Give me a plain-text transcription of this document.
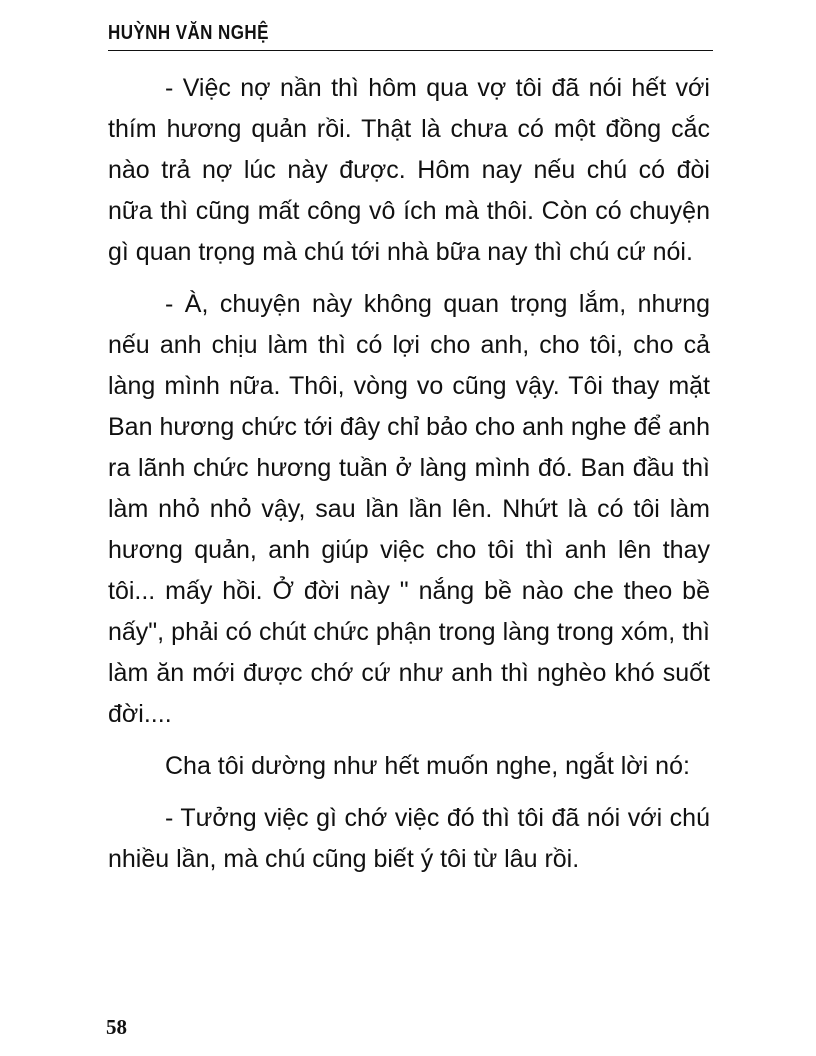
HUỲNH VĂN NGHỆ

- Việc nợ nần thì hôm qua vợ tôi đã nói hết với thím hương quản rồi. Thật là chưa có một đồng cắc nào trả nợ lúc này được. Hôm nay nếu chú có đòi nữa thì cũng mất công vô ích mà thôi. Còn có chuyện gì quan trọng mà chú tới nhà bữa nay thì chú cứ nói.

- À, chuyện này không quan trọng lắm, nhưng nếu anh chịu làm thì có lợi cho anh, cho tôi, cho cả làng mình nữa. Thôi, vòng vo cũng vậy. Tôi thay mặt Ban hương chức tới đây chỉ bảo cho anh nghe để anh ra lãnh chức hương tuần ở làng mình đó. Ban đầu thì làm nhỏ nhỏ vậy, sau lần lần lên. Nhứt là có tôi làm hương quản, anh giúp việc cho tôi thì anh lên thay tôi... mấy hồi. Ở đời này " nắng bề nào che theo bề nấy", phải có chút chức phận trong làng trong xóm, thì làm ăn mới được chớ cứ như anh thì nghèo khó suốt đời....

Cha tôi dường như hết muốn nghe, ngắt lời nó:

- Tưởng việc gì chớ việc đó thì tôi đã nói với chú nhiều lần, mà chú cũng biết ý tôi từ lâu rồi.

58
